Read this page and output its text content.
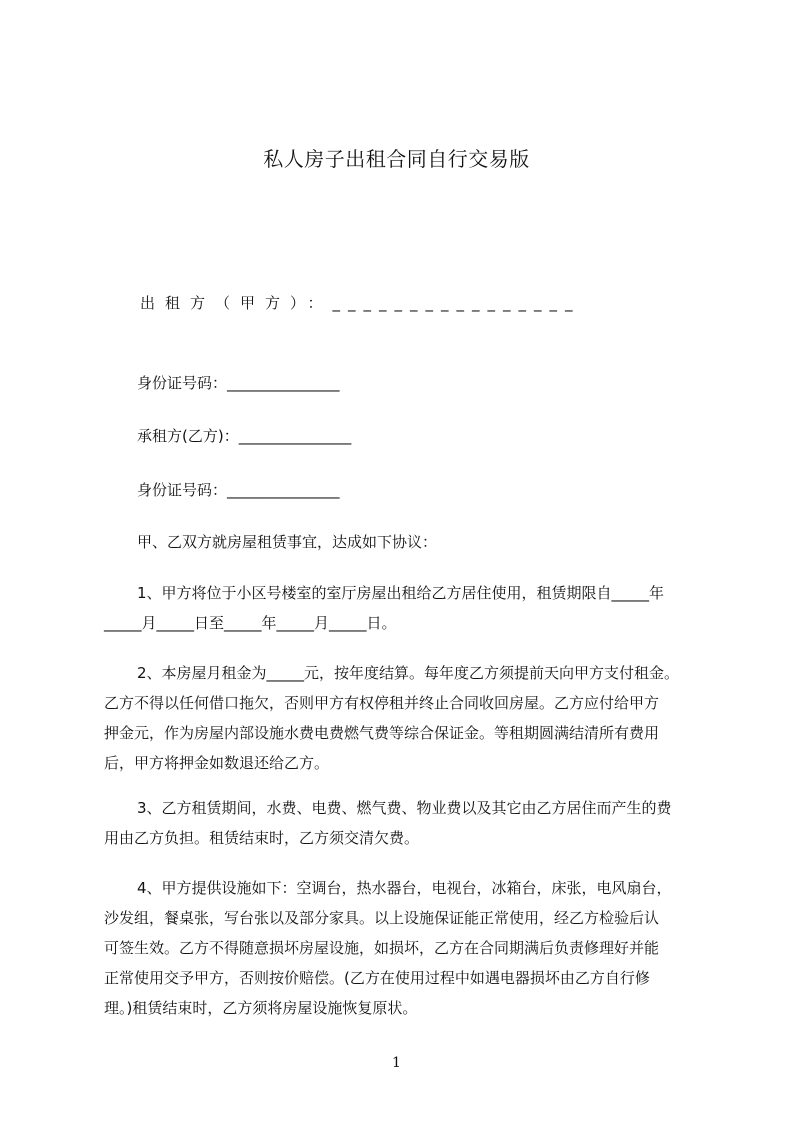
私人房子出租合同自行交易版
出租方（甲方）：________________
身份证号码：_______________
承租方(乙方)：_______________
身份证号码：_______________
甲、乙双方就房屋租赁事宜，达成如下协议：
1、甲方将位于小区号楼室的室厅房屋出租给乙方居住使用，租赁期限自_____年
_____月_____日至_____年_____月_____日。
2、本房屋月租金为_____元，按年度结算。每年度乙方须提前天向甲方支付租金。
乙方不得以任何借口拖欠，否则甲方有权停租并终止合同收回房屋。乙方应付给甲方
押金元，作为房屋内部设施水费电费燃气费等综合保证金。等租期圆满结清所有费用
后，甲方将押金如数退还给乙方。
3、乙方租赁期间，水费、电费、燃气费、物业费以及其它由乙方居住而产生的费
用由乙方负担。租赁结束时，乙方须交清欠费。
4、甲方提供设施如下：空调台，热水器台，电视台，冰箱台，床张，电风扇台，
沙发组，餐桌张，写台张以及部分家具。以上设施保证能正常使用，经乙方检验后认
可签生效。乙方不得随意损坏房屋设施，如损坏，乙方在合同期满后负责修理好并能
正常使用交予甲方，否则按价赔偿。(乙方在使用过程中如遇电器损坏由乙方自行修
理。)租赁结束时，乙方须将房屋设施恢复原状。
1
